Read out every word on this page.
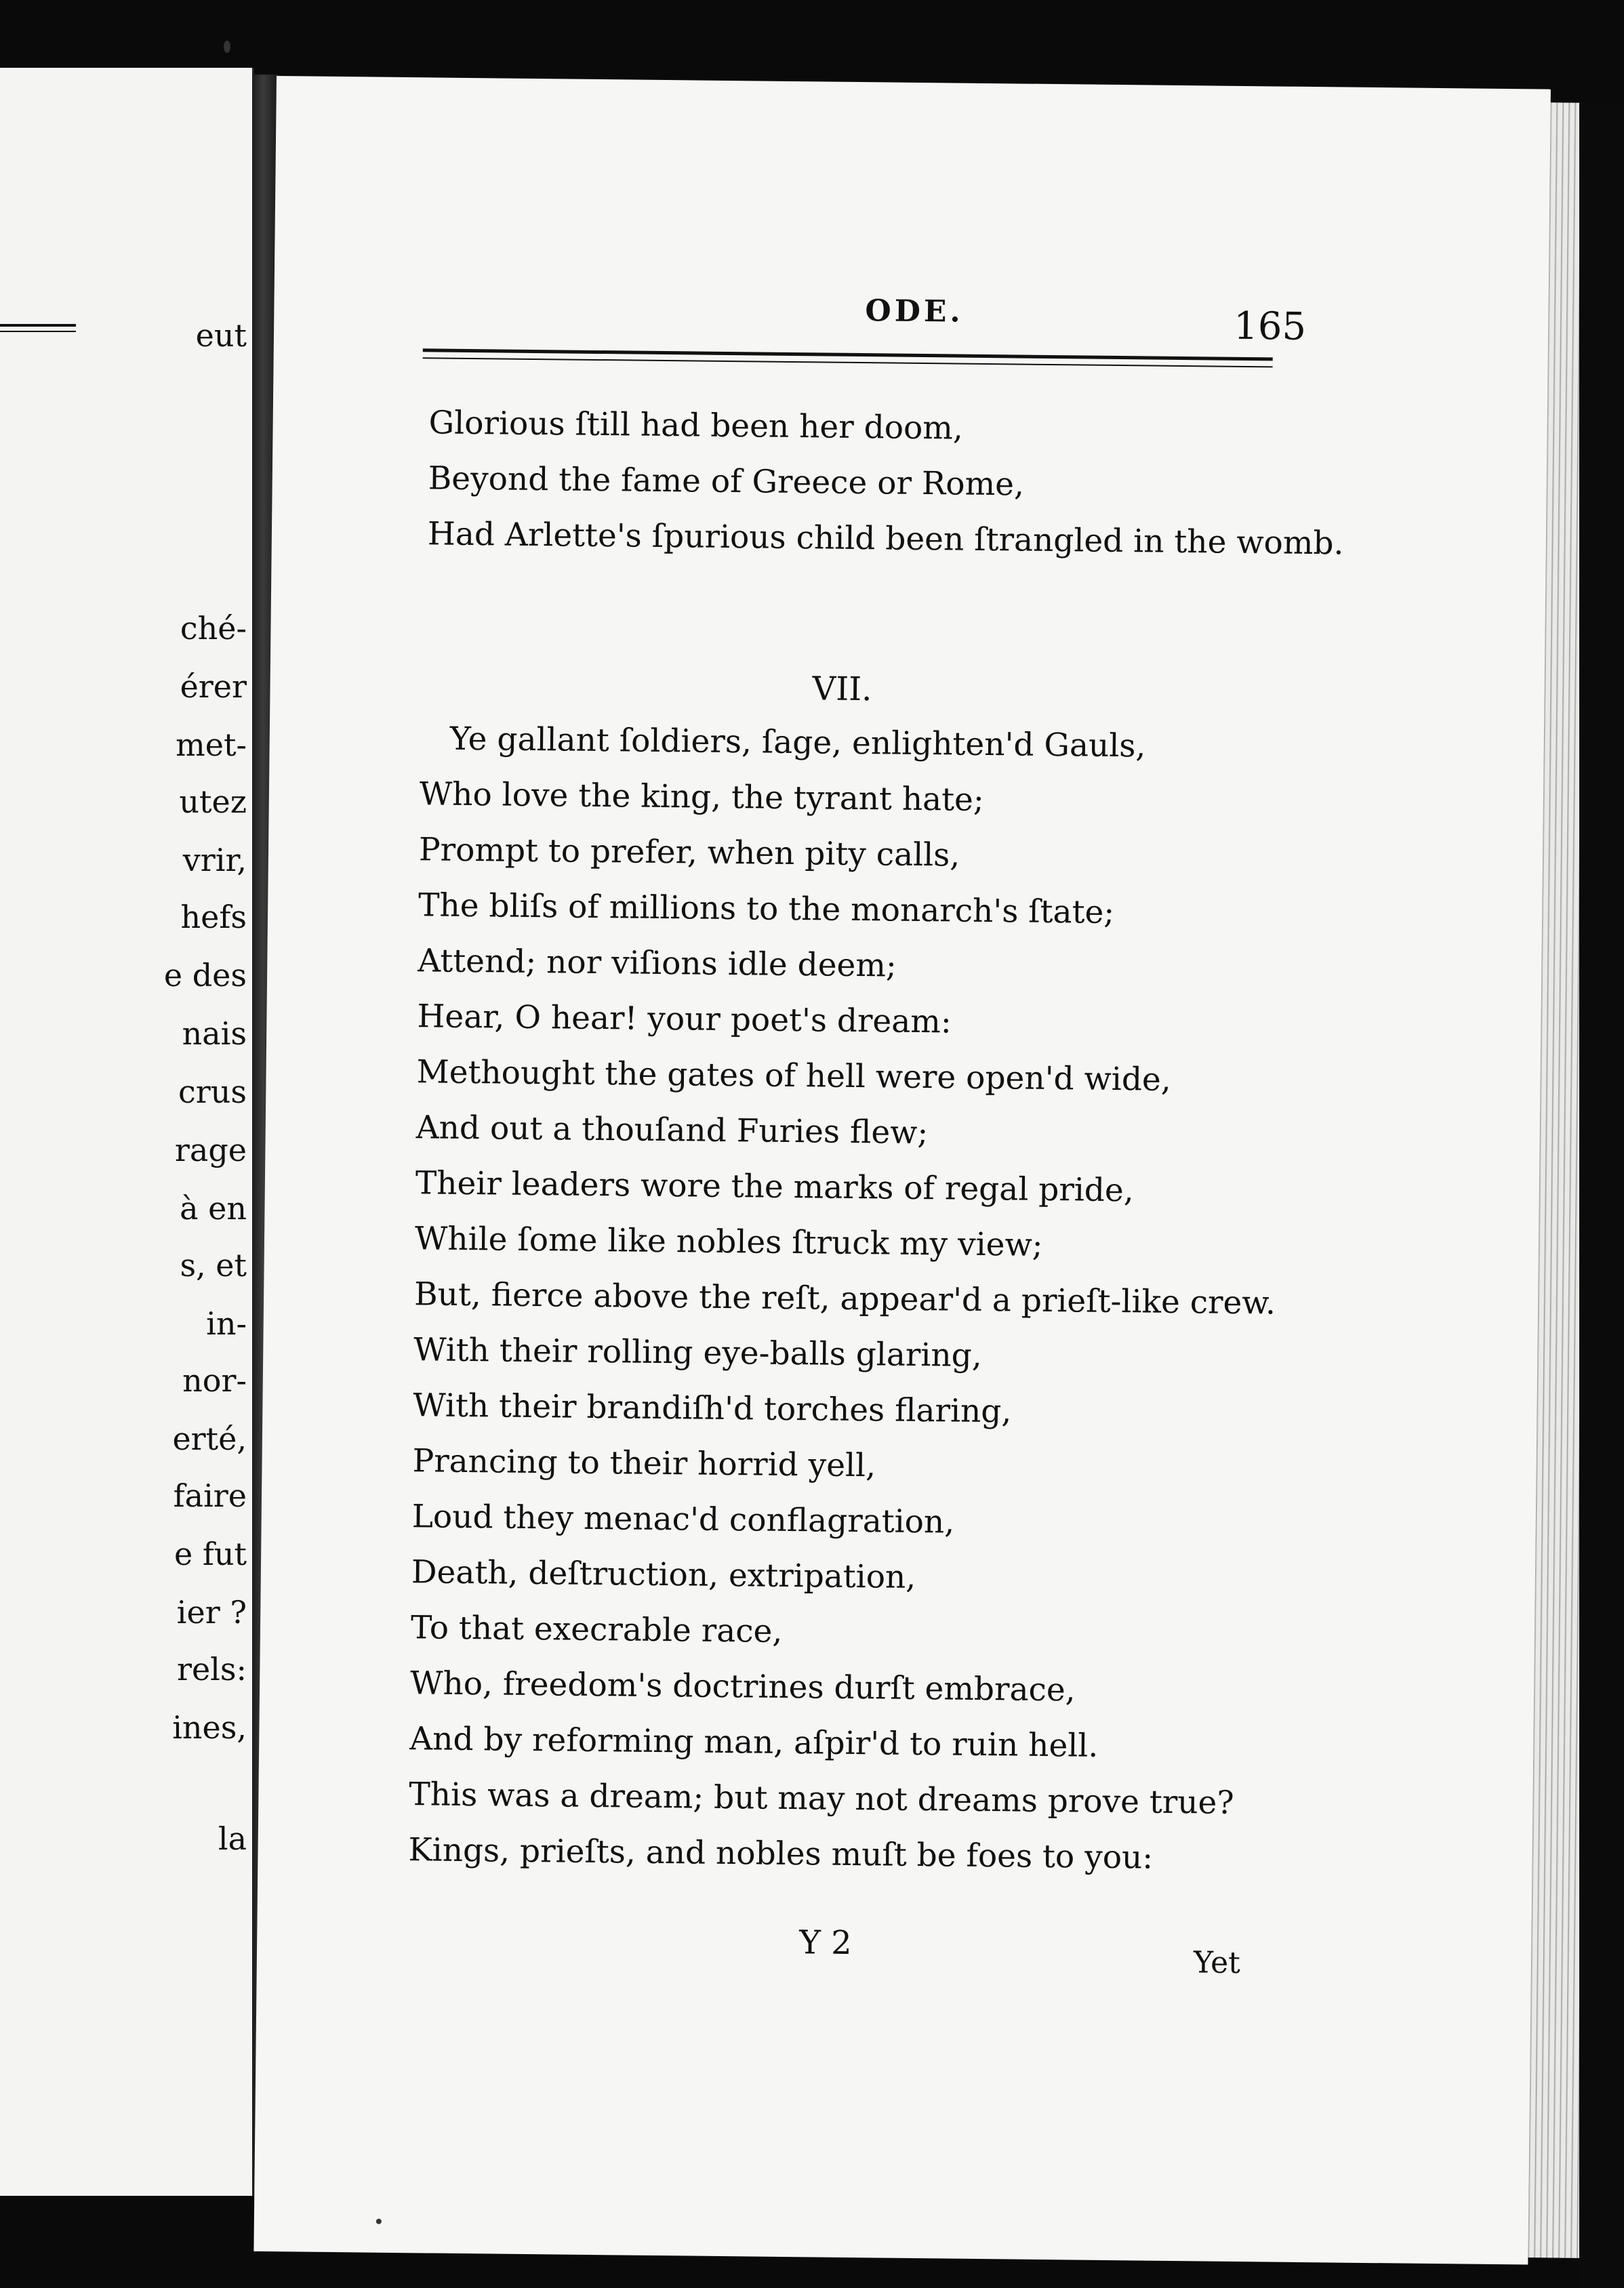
eut
ché-
érer
met-
utez
vrir,
hefs
e des
nais
crus
rage
à en
s, et
in-
nor-
erté,
faire
e fut
ier ?
rels:
ines,
la
ODE.	165
Glorious ſtill had been her doom,
Beyond the fame of Greece or Rome,
Had Arlette's ſpurious child been ſtrangled in the womb.
VII.
Ye gallant ſoldiers, ſage, enlighten'd Gauls,
Who love the king, the tyrant hate;
Prompt to prefer, when pity calls,
The bliſs of millions to the monarch's ſtate;
Attend; nor viſions idle deem;
Hear, O hear! your poet's dream:
Methought the gates of hell were open'd wide,
And out a thouſand Furies flew;
Their leaders wore the marks of regal pride,
While ſome like nobles ſtruck my view;
But, fierce above the reſt, appear'd a prieſt-like crew.
With their rolling eye-balls glaring,
With their brandiſh'd torches flaring,
Prancing to their horrid yell,
Loud they menac'd conflagration,
Death, deſtruction, extripation,
To that execrable race,
Who, freedom's doctrines durſt embrace,
And by reforming man, aſpir'd to ruin hell.
This was a dream; but may not dreams prove true?
Kings, prieſts, and nobles muſt be foes to you:
Y 2
Yet
